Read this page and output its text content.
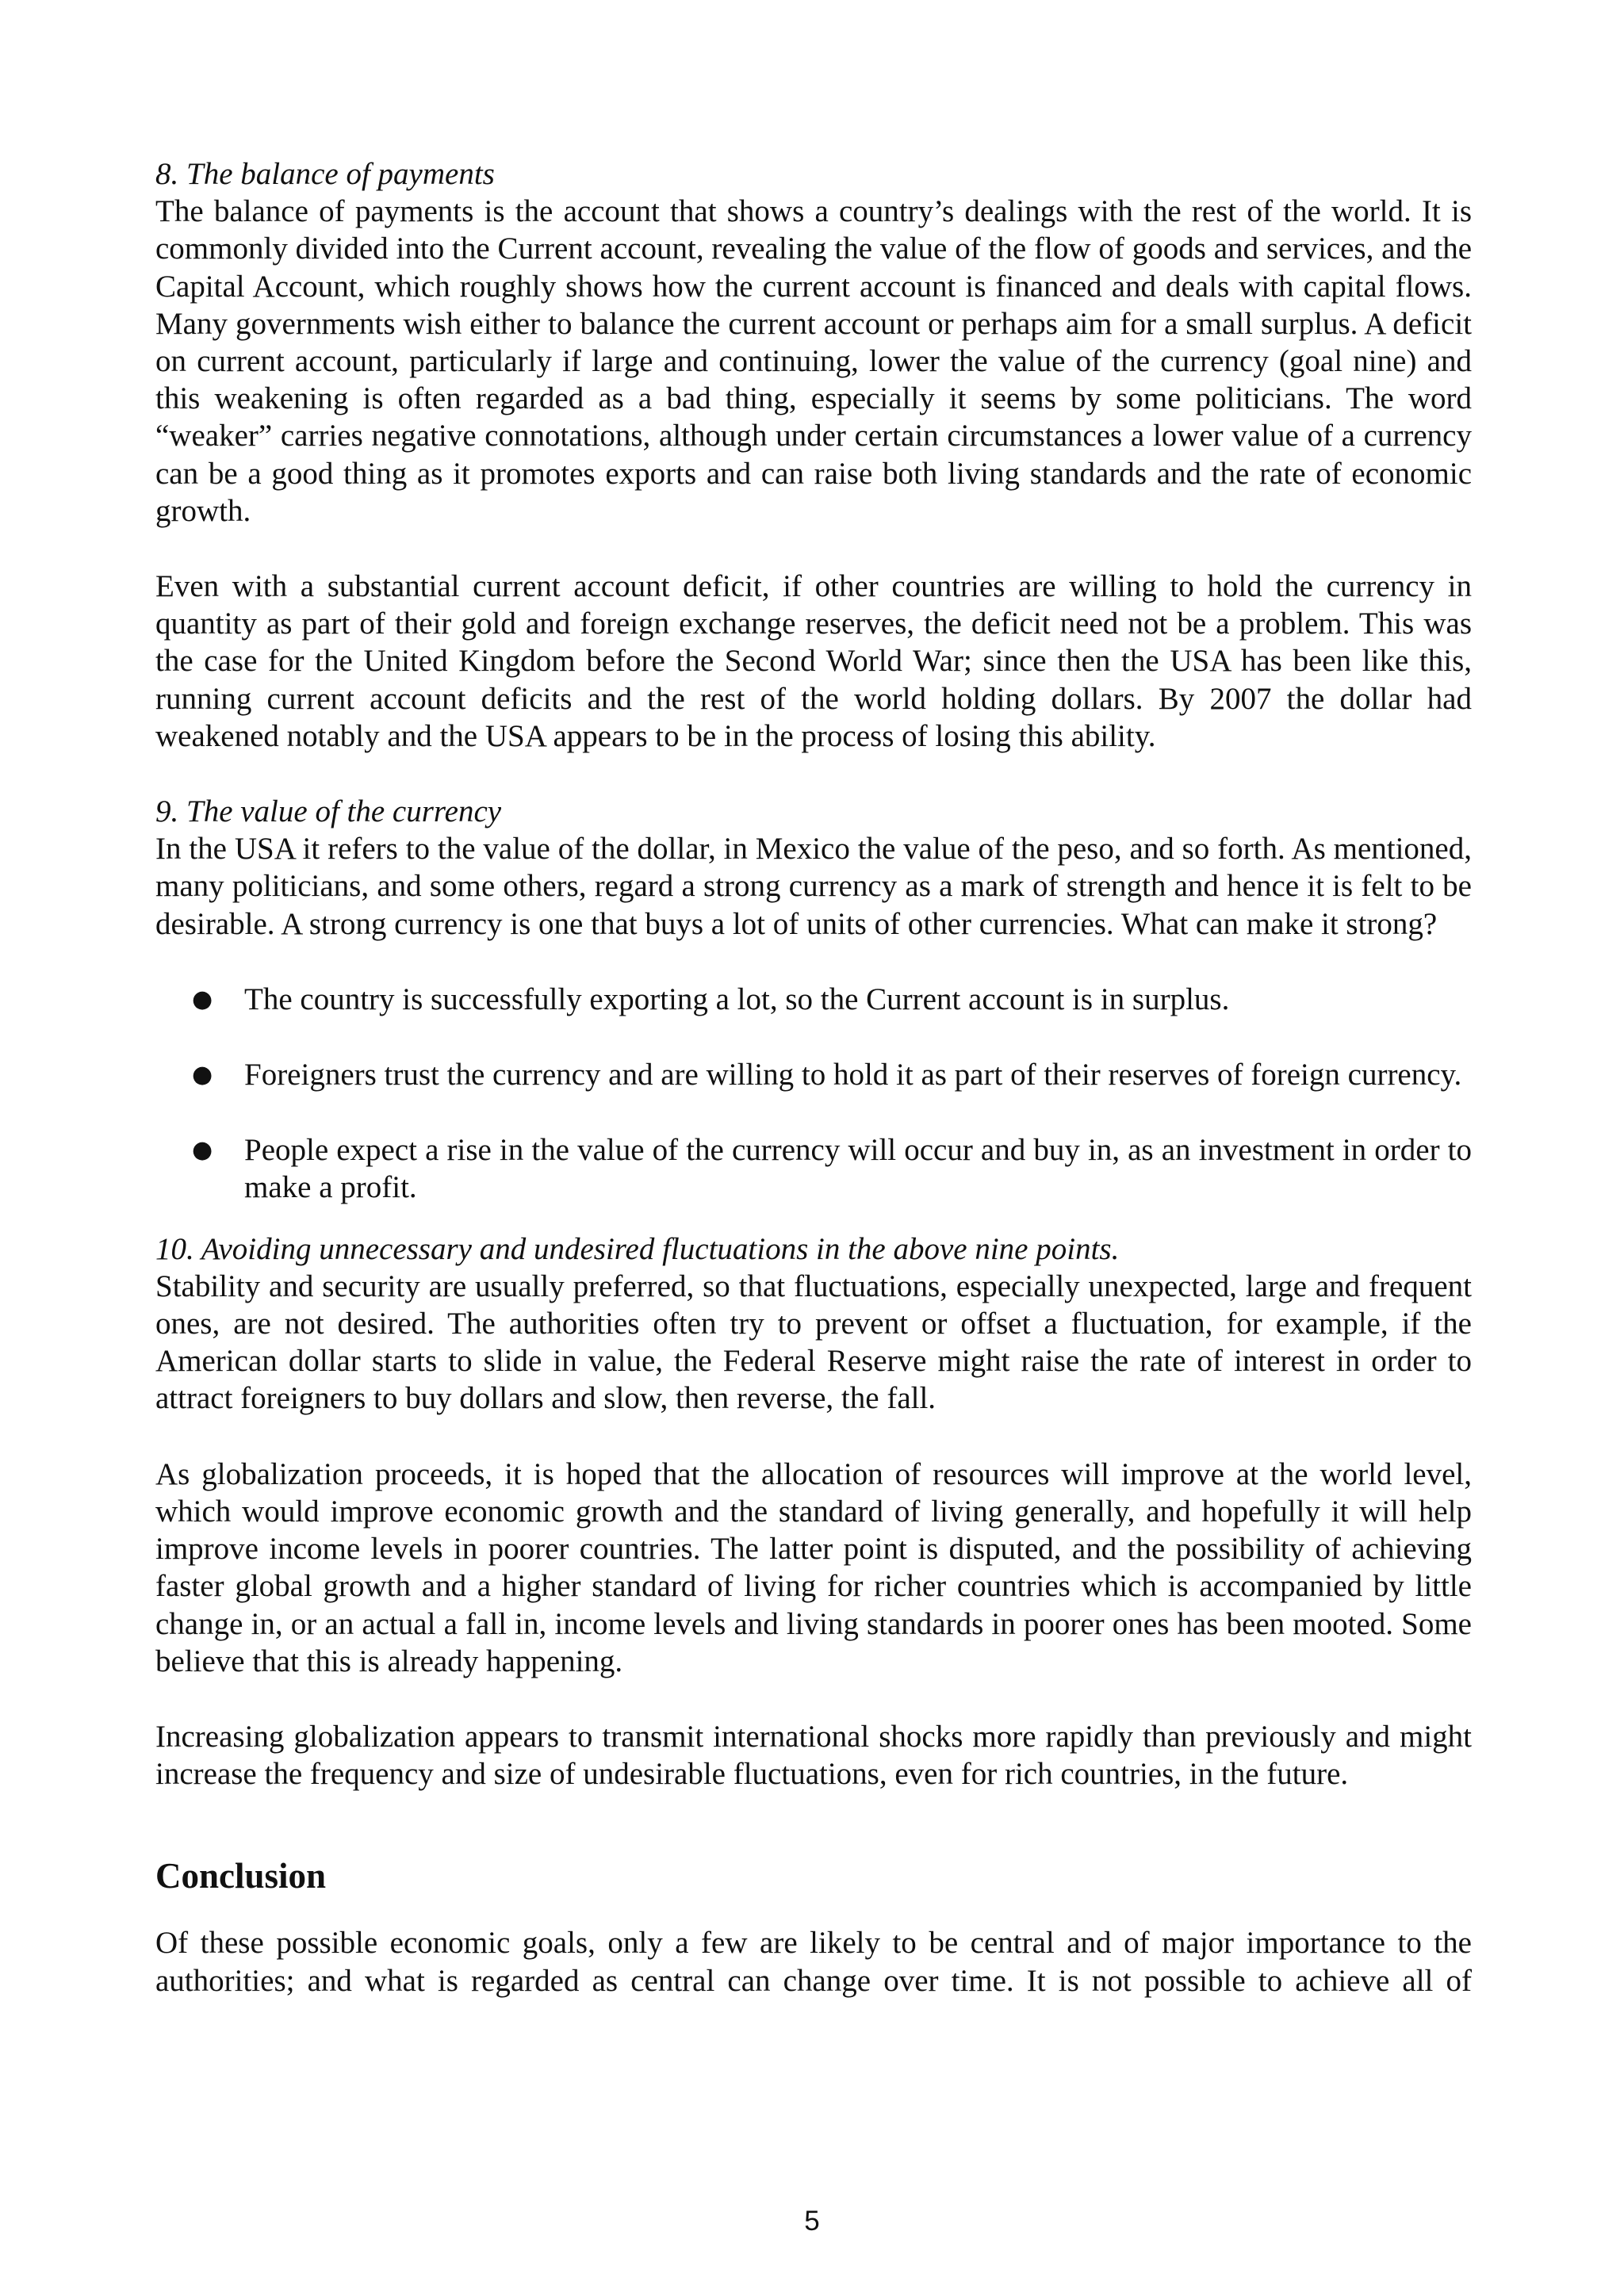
8. The balance of payments

The balance of payments is the account that shows a country’s dealings with the rest of the world. It is commonly divided into the Current account, revealing the value of the flow of goods and services, and the Capital Account, which roughly shows how the current account is financed and deals with capital flows. Many governments wish either to balance the current account or perhaps aim for a small surplus. A deficit on current account, particularly if large and continuing, lower the value of the currency (goal nine) and this weakening is often regarded as a bad thing, especially it seems by some politicians. The word “weaker” carries negative connotations, although under certain circumstances a lower value of a currency can be a good thing as it promotes exports and can raise both living standards and the rate of economic growth.

Even with a substantial current account deficit, if other countries are willing to hold the currency in quantity as part of their gold and foreign exchange reserves, the deficit need not be a problem. This was the case for the United Kingdom before the Second World War; since then the USA has been like this, running current account deficits and the rest of the world holding dollars. By 2007 the dollar had weakened notably and the USA appears to be in the process of losing this ability.

9. The value of the currency

In the USA it refers to the value of the dollar, in Mexico the value of the peso, and so forth. As mentioned, many politicians, and some others, regard a strong currency as a mark of strength and hence it is felt to be desirable. A strong currency is one that buys a lot of units of other currencies. What can make it strong?

● The country is successfully exporting a lot, so the Current account is in surplus.
● Foreigners trust the currency and are willing to hold it as part of their reserves of foreign currency.
● People expect a rise in the value of the currency will occur and buy in, as an investment in order to make a profit.

10. Avoiding unnecessary and undesired fluctuations in the above nine points.

Stability and security are usually preferred, so that fluctuations, especially unexpected, large and frequent ones, are not desired. The authorities often try to prevent or offset a fluctuation, for example, if the American dollar starts to slide in value, the Federal Reserve might raise the rate of interest in order to attract foreigners to buy dollars and slow, then reverse, the fall.

As globalization proceeds, it is hoped that the allocation of resources will improve at the world level, which would improve economic growth and the standard of living generally, and hopefully it will help improve income levels in poorer countries. The latter point is disputed, and the possibility of achieving faster global growth and a higher standard of living for richer countries which is accompanied by little change in, or an actual a fall in, income levels and living standards in poorer ones has been mooted. Some believe that this is already happening.

Increasing globalization appears to transmit international shocks more rapidly than previously and might increase the frequency and size of undesirable fluctuations, even for rich countries, in the future.

Conclusion

Of these possible economic goals, only a few are likely to be central and of major importance to the authorities; and what is regarded as central can change over time. It is not possible to achieve all of

5
